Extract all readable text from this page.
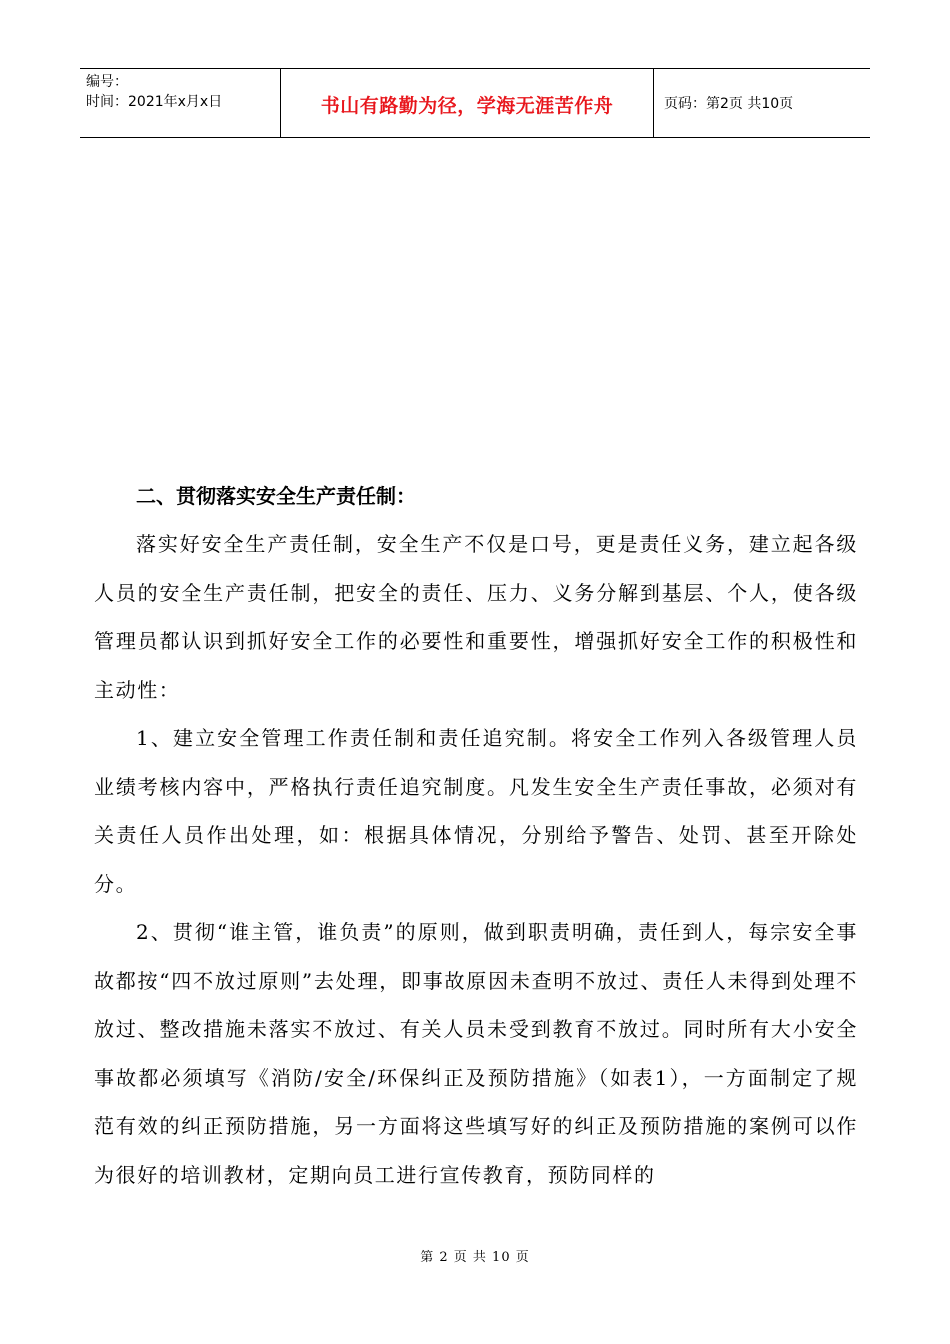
编号：
时间：2021年x月x日	书山有路勤为径，学海无涯苦作舟	页码：第2页 共10页
二、贯彻落实安全生产责任制：

落实好安全生产责任制，安全生产不仅是口号，更是责任义务，建立起各级人员的安全生产责任制，把安全的责任、压力、义务分解到基层、个人，使各级管理员都认识到抓好安全工作的必要性和重要性，增强抓好安全工作的积极性和主动性：

1、建立安全管理工作责任制和责任追究制。将安全工作列入各级管理人员业绩考核内容中，严格执行责任追究制度。凡发生安全生产责任事故，必须对有关责任人员作出处理，如：根据具体情况，分别给予警告、处罚、甚至开除处分。

2、贯彻“谁主管，谁负责”的原则，做到职责明确，责任到人，每宗安全事故都按“四不放过原则”去处理，即事故原因未查明不放过、责任人未得到处理不放过、整改措施未落实不放过、有关人员未受到教育不放过。同时所有大小安全事故都必须填写《消防/安全/环保纠正及预防措施》（如表1），一方面制定了规范有效的纠正预防措施，另一方面将这些填写好的纠正及预防措施的案例可以作为很好的培训教材，定期向员工进行宣传教育，预防同样的

第 2 页 共 10 页
